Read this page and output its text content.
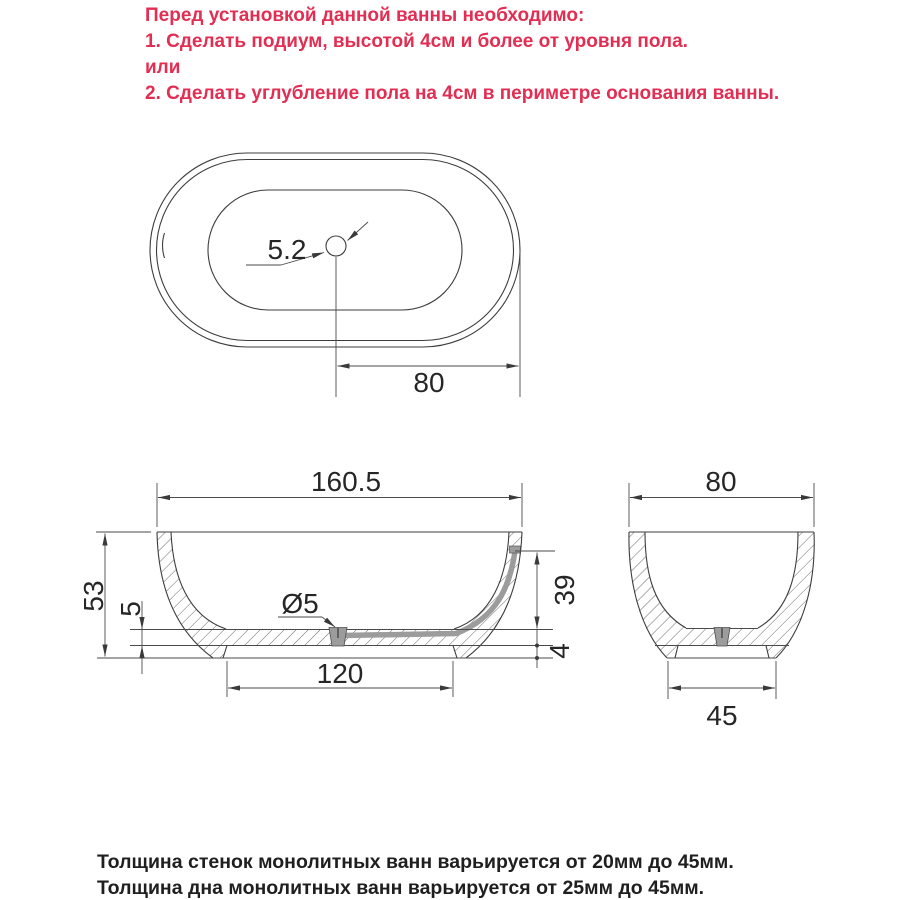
Перед установкой данной ванны необходимо:
1. Сделать подиум, высотой 4см и более от уровня пола.
или
2. Сделать углубление пола на 4см в периметре основания ванны.
5.2
80
160.5
53 5	Ø5	39
4
120
80
45
Толщина стенок монолитных ванн варьируется от 20мм до 45мм.
Толщина дна монолитных ванн варьируется от 25мм до 45мм.
